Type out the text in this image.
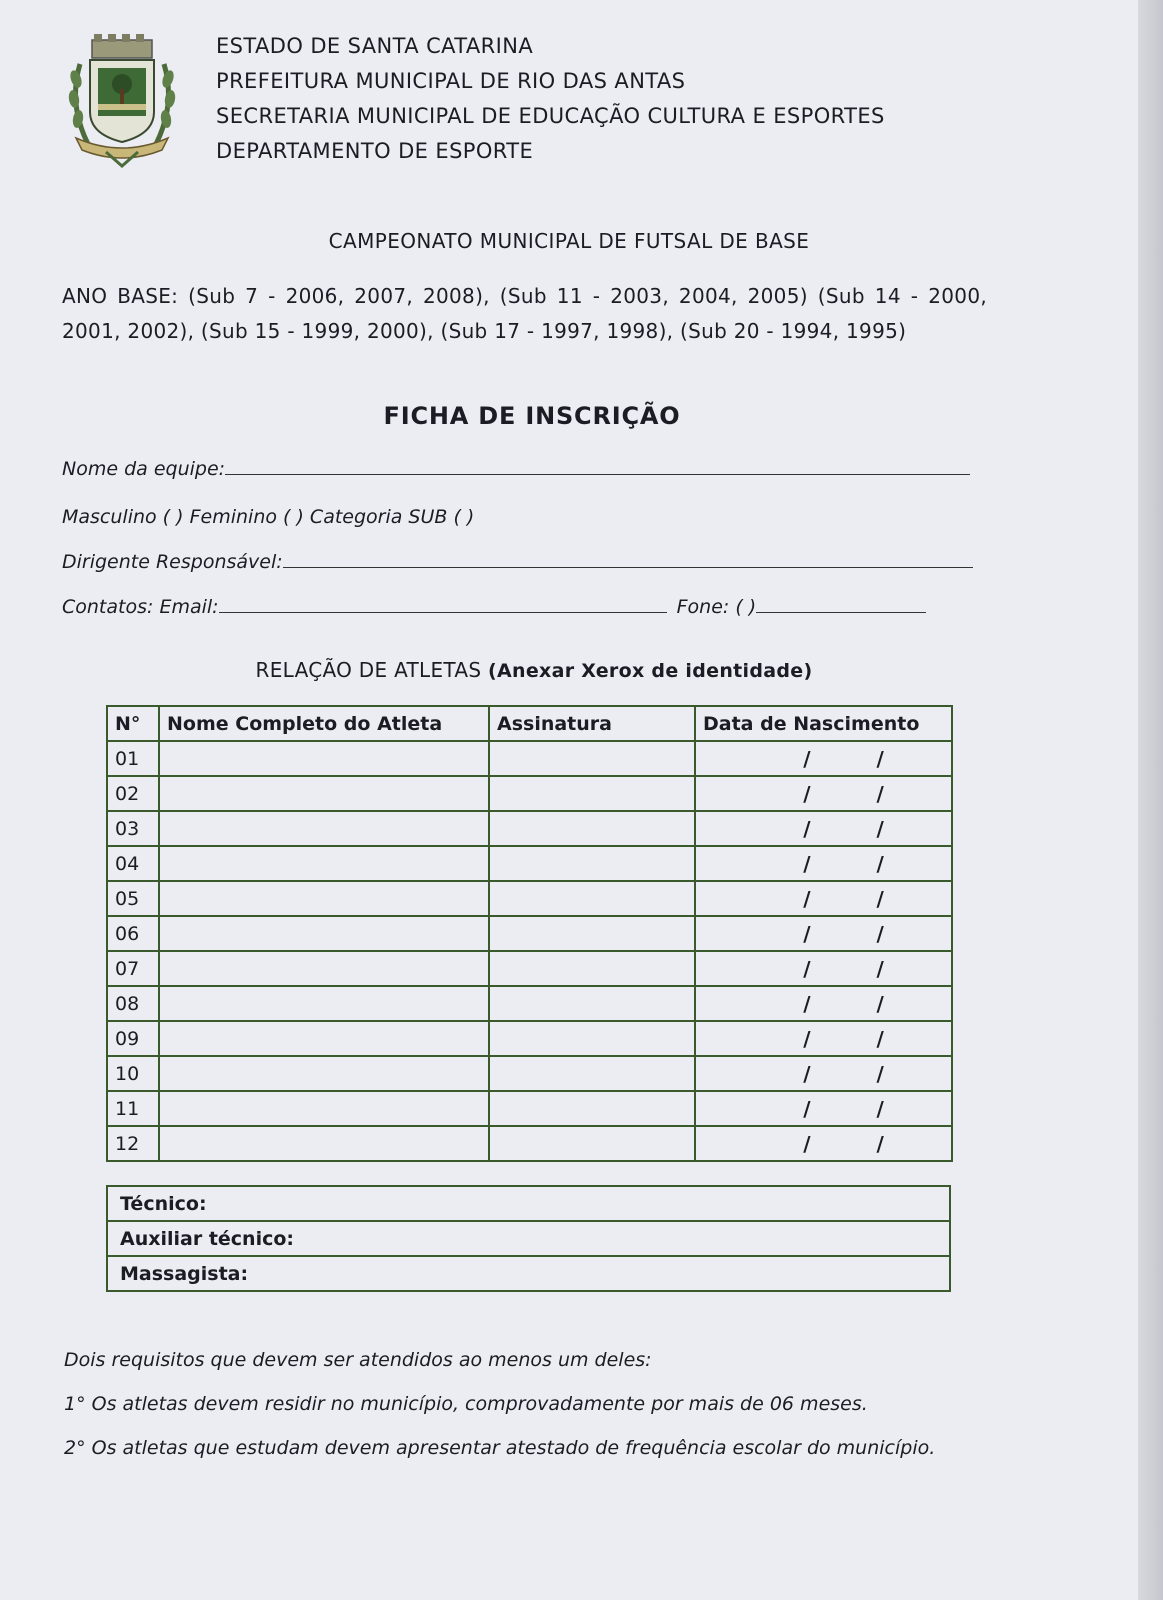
ESTADO DE SANTA CATARINA
PREFEITURA MUNICIPAL DE RIO DAS ANTAS
SECRETARIA MUNICIPAL DE EDUCAÇÃO CULTURA E ESPORTES
DEPARTAMENTO DE ESPORTE
CAMPEONATO MUNICIPAL DE FUTSAL DE BASE
ANO BASE: (Sub 7 - 2006, 2007, 2008), (Sub 11 - 2003, 2004, 2005) (Sub 14 - 2000, 2001, 2002), (Sub 15 - 1999, 2000), (Sub 17 - 1997, 1998), (Sub 20 - 1994, 1995)
FICHA DE INSCRIÇÃO
Nome da equipe:
Masculino ( ) Feminino ( ) Categoria SUB ( )
Dirigente Responsável:
Contatos: Email:	Fone: ( )
RELAÇÃO DE ATLETAS (Anexar Xerox de identidade)
N°	Nome Completo do Atleta	Assinatura	Data de Nascimento
01			/ /

02			/ /

03			/ /

04			/ /

05			/ /

06			/ /

07			/ /

08			/ /

09			/ /

10			/ /

11			/ /

12			/ /
Técnico:
Auxiliar técnico:
Massagista:
Dois requisitos que devem ser atendidos ao menos um deles:
1° Os atletas devem residir no município, comprovadamente por mais de 06 meses.
2° Os atletas que estudam devem apresentar atestado de frequência escolar do município.
